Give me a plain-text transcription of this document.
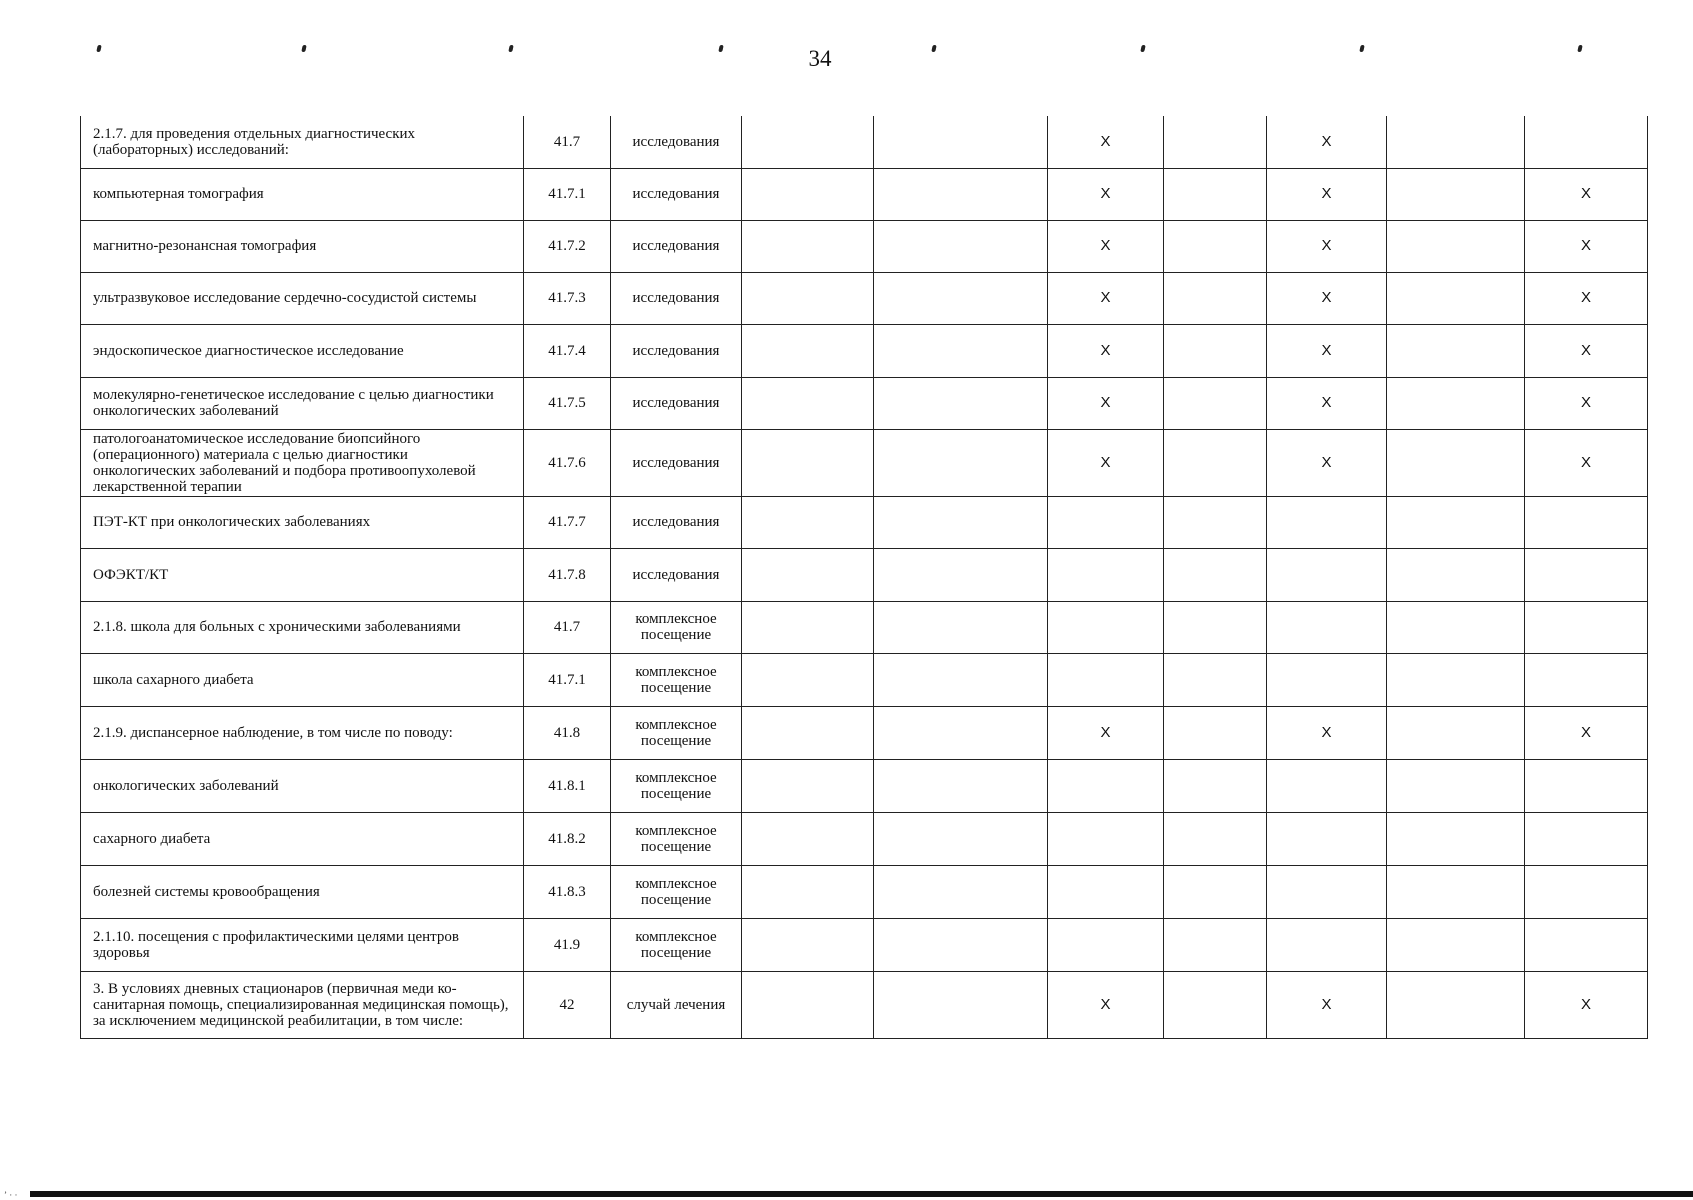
34
2.1.7. для проведения отдельных диагностических (лабораторных) исследований:	41.7	исследования			X		X		
компьютерная томография	41.7.1	исследования			X		X		X
магнитно-резонансная томография	41.7.2	исследования			X		X		X
ультразвуковое исследование сердечно-сосудистой системы	41.7.3	исследования			X		X		X
эндоскопическое диагностическое исследование	41.7.4	исследования			X		X		X
молекулярно-генетическое исследование с целью диагностики онкологических заболеваний	41.7.5	исследования			X		X		X
патологоанатомическое исследование биопсийного (операционного) материала с целью диагностики онкологических заболеваний и подбора противоопухолевой лекарственной терапии	41.7.6	исследования			X		X		X
ПЭТ-КТ при онкологических заболеваниях	41.7.7	исследования							
ОФЭКТ/КТ	41.7.8	исследования							
2.1.8. школа для больных с хроническими заболеваниями	41.7	комплексное посещение							
школа сахарного диабета	41.7.1	комплексное посещение							
2.1.9. диспансерное наблюдение, в том числе по поводу:	41.8	комплексное посещение			X		X		X
онкологических заболеваний	41.8.1	комплексное посещение							
сахарного диабета	41.8.2	комплексное посещение							
болезней системы кровообращения	41.8.3	комплексное посещение							
2.1.10. посещения с профилактическими целями центров здоровья	41.9	комплексное посещение							
3. В условиях дневных стационаров (первичная меди ко-санитарная помощь, специализированная медицинская помощь), за исключением медицинской реабилитации, в том числе:	42	случай лечения			X		X		X
ʼ · ·
